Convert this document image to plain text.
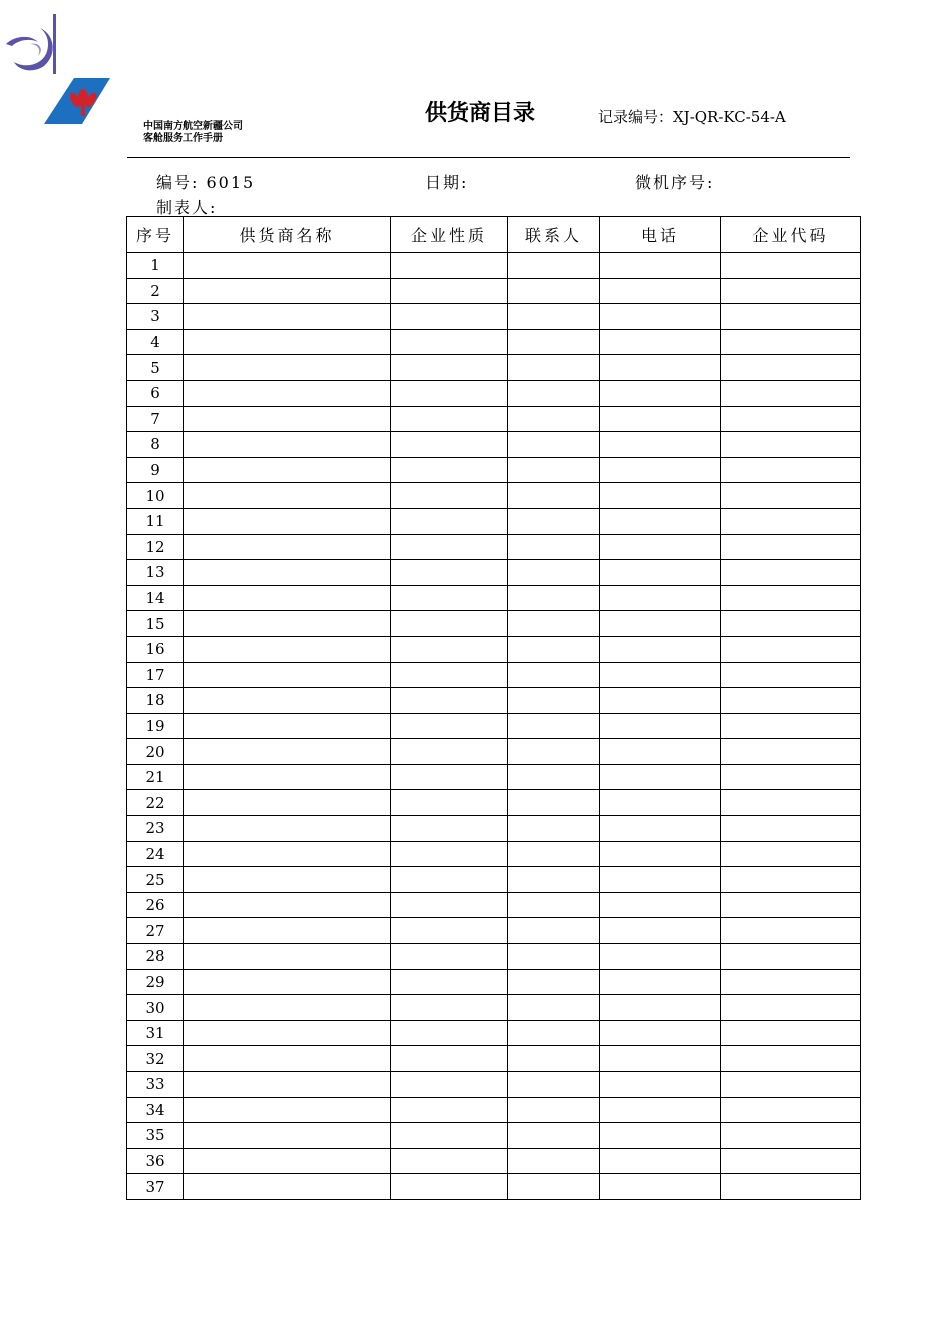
中国南方航空新疆公司
客舱服务工作手册
供货商目录	记录编号：XJ-QR-KC-54-A
编号: 6015	日期:	微机序号:
制表人:
序号	供货商名称	企业性质	联系人	电话	企业代码
1					
2					
3					
4					
5					
6					
7					
8					
9					
10					
11					
12					
13					
14					
15					
16					
17					
18					
19					
20					
21					
22					
23					
24					
25					
26					
27					
28					
29					
30					
31					
32					
33					
34					
35					
36					
37					
